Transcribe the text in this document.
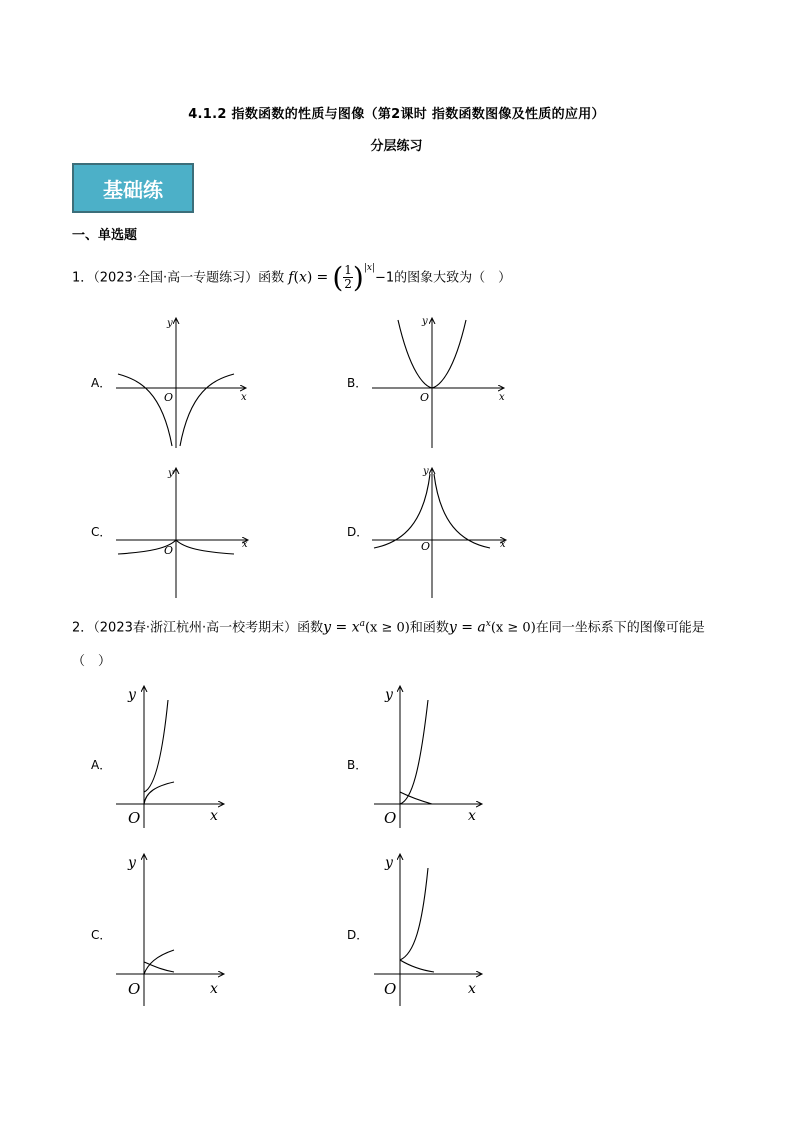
4.1.2 指数函数的性质与图像（第2课时 指数函数图像及性质的应用）
分层练习
基础练
一、单选题
1．（2023·全国·高一专题练习）函数 f(x) = ( $\frac{1}{2} )^{|x|}-1$的图象大致为（　）
A．	B．
C．	D．
x
y
O	x
y
O
x
y
O	x
y
O
2．（2023春·浙江杭州·高一校考期末）函数$y = x^a(x \ge 0)$和函数$y = a^x(x \ge 0)$在同一坐标系下的图像可能是
（　）
A．	B．
C．	D．
x
y
O	x
y
O
x
y
O	x
y
O
